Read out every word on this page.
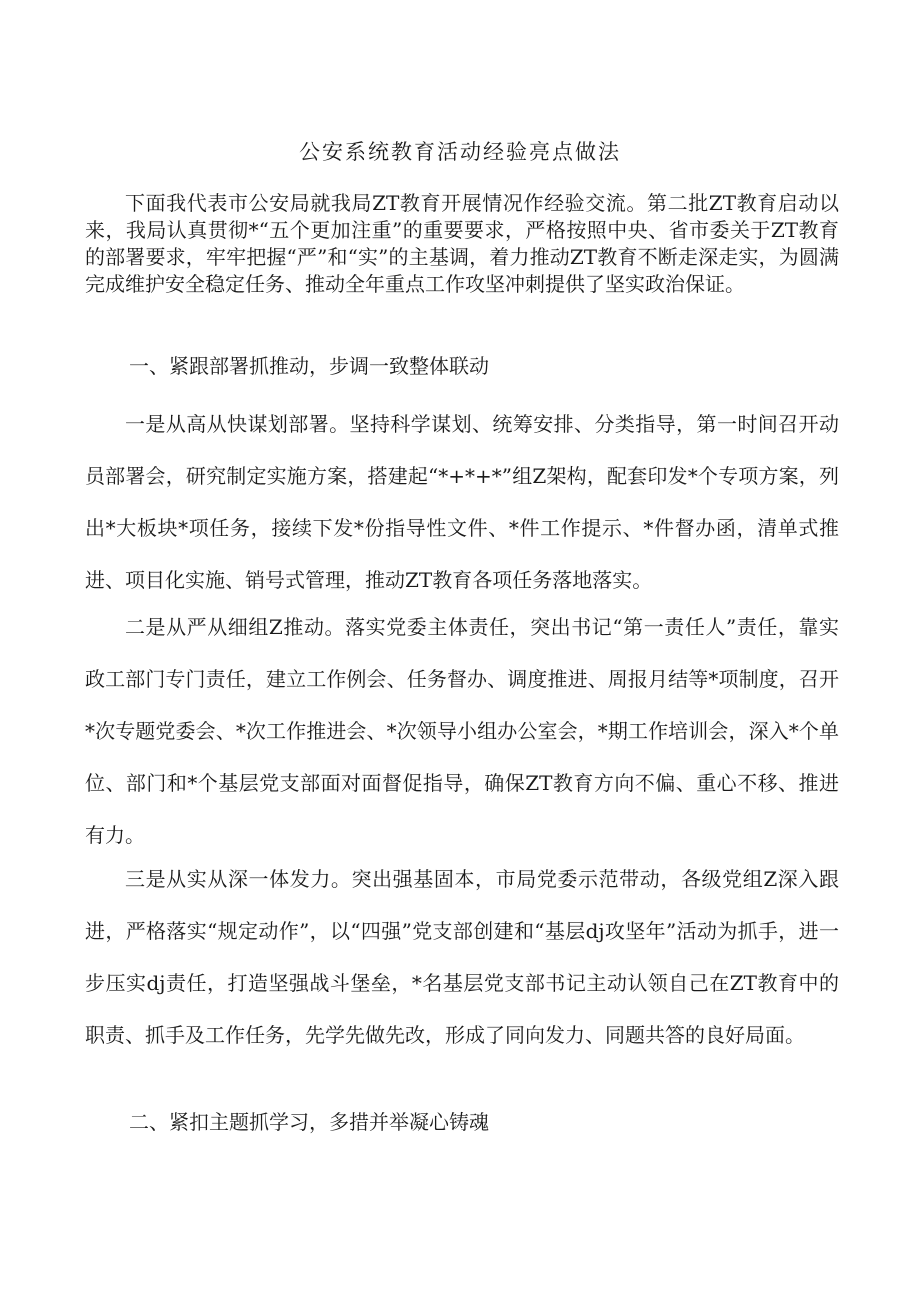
公安系统教育活动经验亮点做法

下面我代表市公安局就我局ZT教育开展情况作经验交流。第二批ZT教育启动以来，我局认真贯彻*“五个更加注重”的重要要求，严格按照中央、省市委关于ZT教育的部署要求，牢牢把握“严”和“实”的主基调，着力推动ZT教育不断走深走实，为圆满完成维护安全稳定任务、推动全年重点工作攻坚冲刺提供了坚实政治保证。

一、紧跟部署抓推动，步调一致整体联动

一是从高从快谋划部署。坚持科学谋划、统筹安排、分类指导，第一时间召开动员部署会，研究制定实施方案，搭建起“*+*+*”组Z架构，配套印发*个专项方案，列出*大板块*项任务，接续下发*份指导性文件、*件工作提示、*件督办函，清单式推进、项目化实施、销号式管理，推动ZT教育各项任务落地落实。

二是从严从细组Z推动。落实党委主体责任，突出书记“第一责任人”责任，靠实政工部门专门责任，建立工作例会、任务督办、调度推进、周报月结等*项制度，召开*次专题党委会、*次工作推进会、*次领导小组办公室会，*期工作培训会，深入*个单位、部门和*个基层党支部面对面督促指导，确保ZT教育方向不偏、重心不移、推进有力。

三是从实从深一体发力。突出强基固本，市局党委示范带动，各级党组Z深入跟进，严格落实“规定动作”，以“四强”党支部创建和“基层dj攻坚年”活动为抓手，进一步压实dj责任，打造坚强战斗堡垒，*名基层党支部书记主动认领自己在ZT教育中的职责、抓手及工作任务，先学先做先改，形成了同向发力、同题共答的良好局面。

二、紧扣主题抓学习，多措并举凝心铸魂
